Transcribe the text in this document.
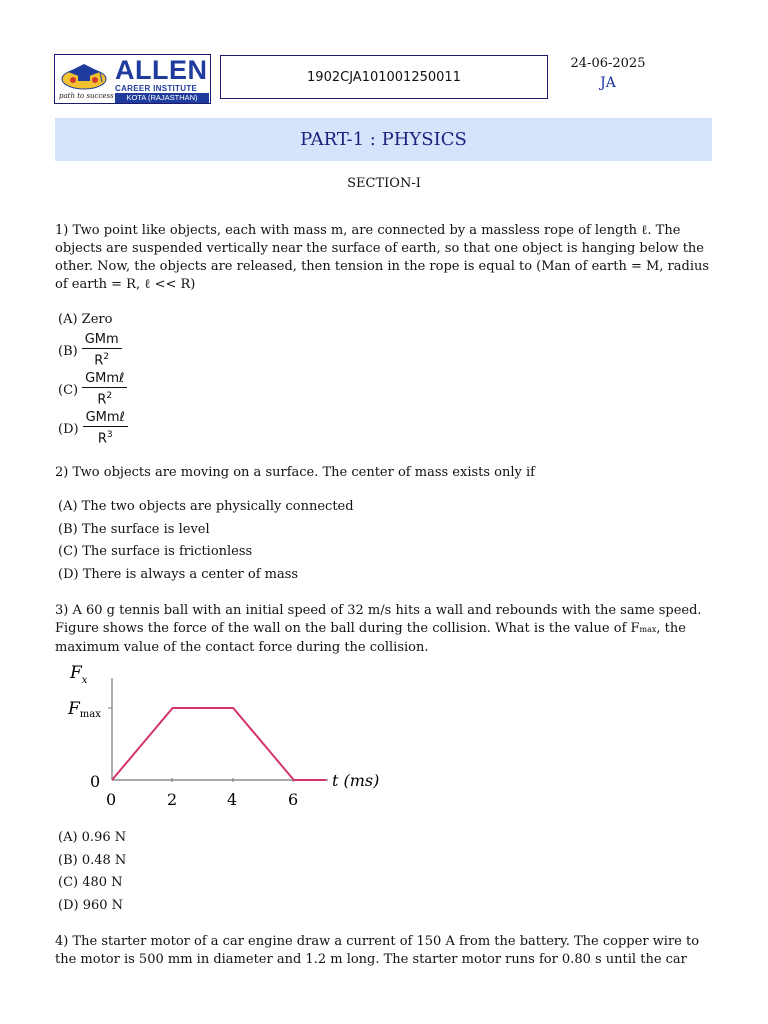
ALLEN
CAREER INSTITUTE
KOTA (RAJASTHAN)
path to success
1902CJA101001250011
24-06-2025
JA
PART-1 : PHYSICS
SECTION-I
1) Two point like objects, each with mass m, are connected by a massless rope of length ℓ. The objects are suspended vertically near the surface of earth, so that one object is hanging below the other. Now, the objects are released, then tension in the rope is equal to (Man of earth = M, radius of earth = R, ℓ << R)
(A) Zero
$(B) \frac{\text{GMm}}{R^2}$
$(C) \frac{\text{GMmℓ}}{R^2}$
$(D) \frac{\text{GMmℓ}}{R^3}$
2) Two objects are moving on a surface. The center of mass exists only if
(A) The two objects are physically connected
(B) The surface is level
(C) The surface is frictionless
(D) There is always a center of mass
3) A 60 g tennis ball with an initial speed of 32 m/s hits a wall and rebounds with the same speed. Figure shows the force of the wall on the ball during the collision. What is the value of Fmax, the maximum value of the contact force during the collision.
$F_x$
Fmax
0
0	2	4	6
t (ms)
(A) 0.96 N
(B) 0.48 N
(C) 480 N
(D) 960 N
4) The starter motor of a car engine draw a current of 150 A from the battery. The copper wire to the motor is 500 mm in diameter and 1.2 m long. The starter motor runs for 0.80 s until the car
